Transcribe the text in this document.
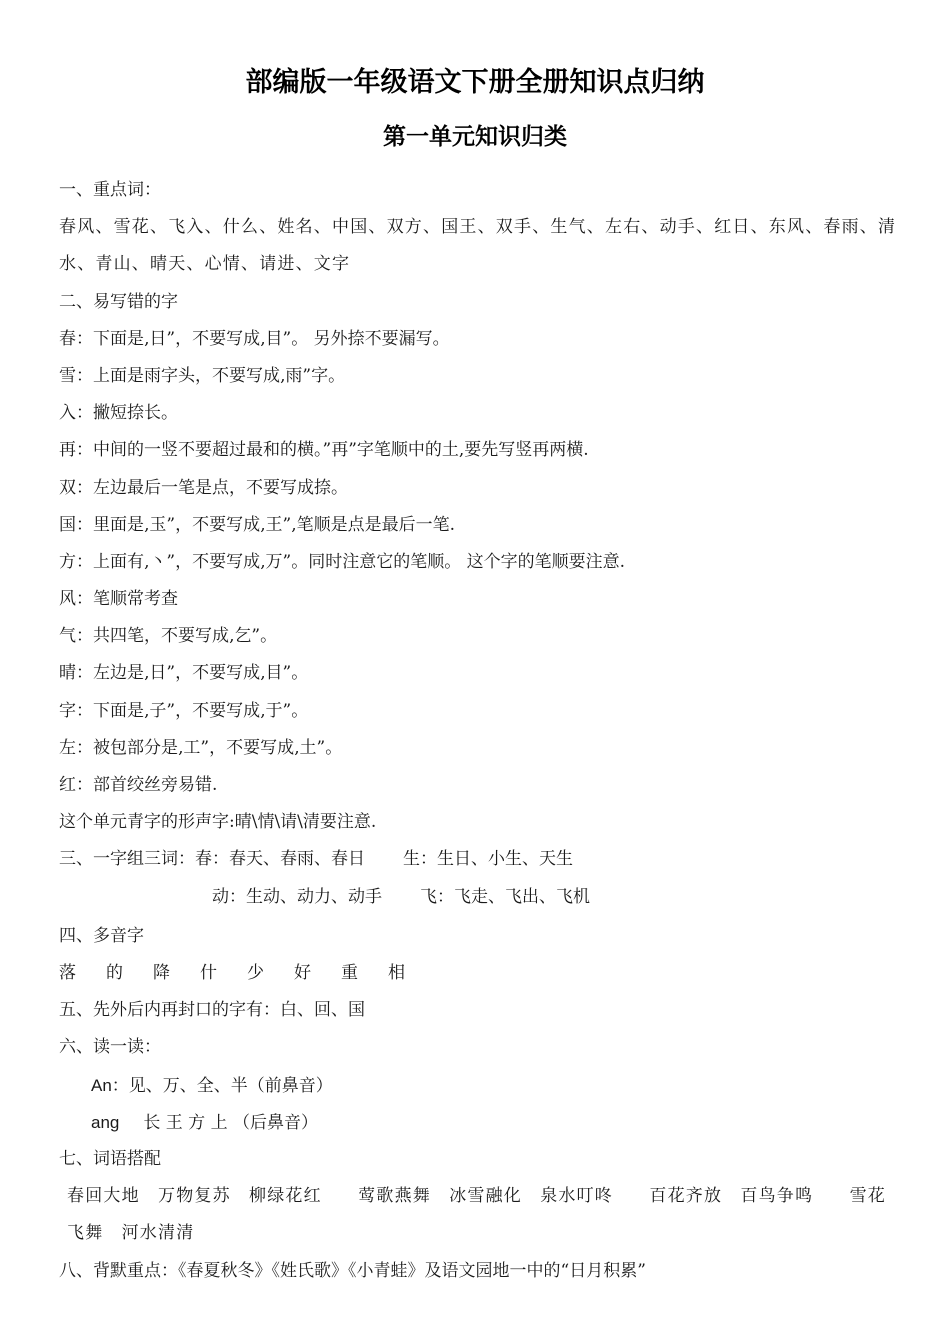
部编版一年级语文下册全册知识点归纳
第一单元知识归类
一、重点词：
春风、雪花、飞入、什么、姓名、中国、双方、国王、双手、生气、左右、动手、红日、东风、春雨、清水、青山、晴天、心情、请进、文字
二、易写错的字
春：下面是‚日”，不要写成‚目”。 另外捺不要漏写。
雪：上面是雨字头，不要写成‚雨”字。
入：撇短捺长。
再：中间的一竖不要超过最和的横。”再”字笔顺中的土,要先写竖再两横.
双：左边最后一笔是点，不要写成捺。
国：里面是‚玉”，不要写成‚王”,笔顺是点是最后一笔.
方：上面有‚丶”，不要写成‚万”。同时注意它的笔顺。 这个字的笔顺要注意.
风：笔顺常考查
气：共四笔，不要写成‚乞”。
晴：左边是‚日”，不要写成‚目”。
字：下面是‚子”，不要写成‚于”。
左：被包部分是‚工”，不要写成‚土”。
红：部首绞丝旁易错.
这个单元青字的形声字:晴\情\请\清要注意.
三、一字组三词：春：春天、春雨、春日 生：生日、小生、天生
动：生动、动力、动手 飞：飞走、飞出、飞机
四、多音字
落 的 降 什 少 好 重 相
五、先外后内再封口的字有：白、回、国
六、读一读：
An：见、万、全、半（前鼻音）
ang 长 王 方 上 （后鼻音）
七、词语搭配
春回大地　万物复苏　柳绿花红　　莺歌燕舞　冰雪融化　泉水叮咚　　百花齐放　百鸟争鸣　　雪花飞舞　河水清清
八、背默重点：《春夏秋冬》《姓氏歌》《小青蛙》及语文园地一中的“日月积累”
